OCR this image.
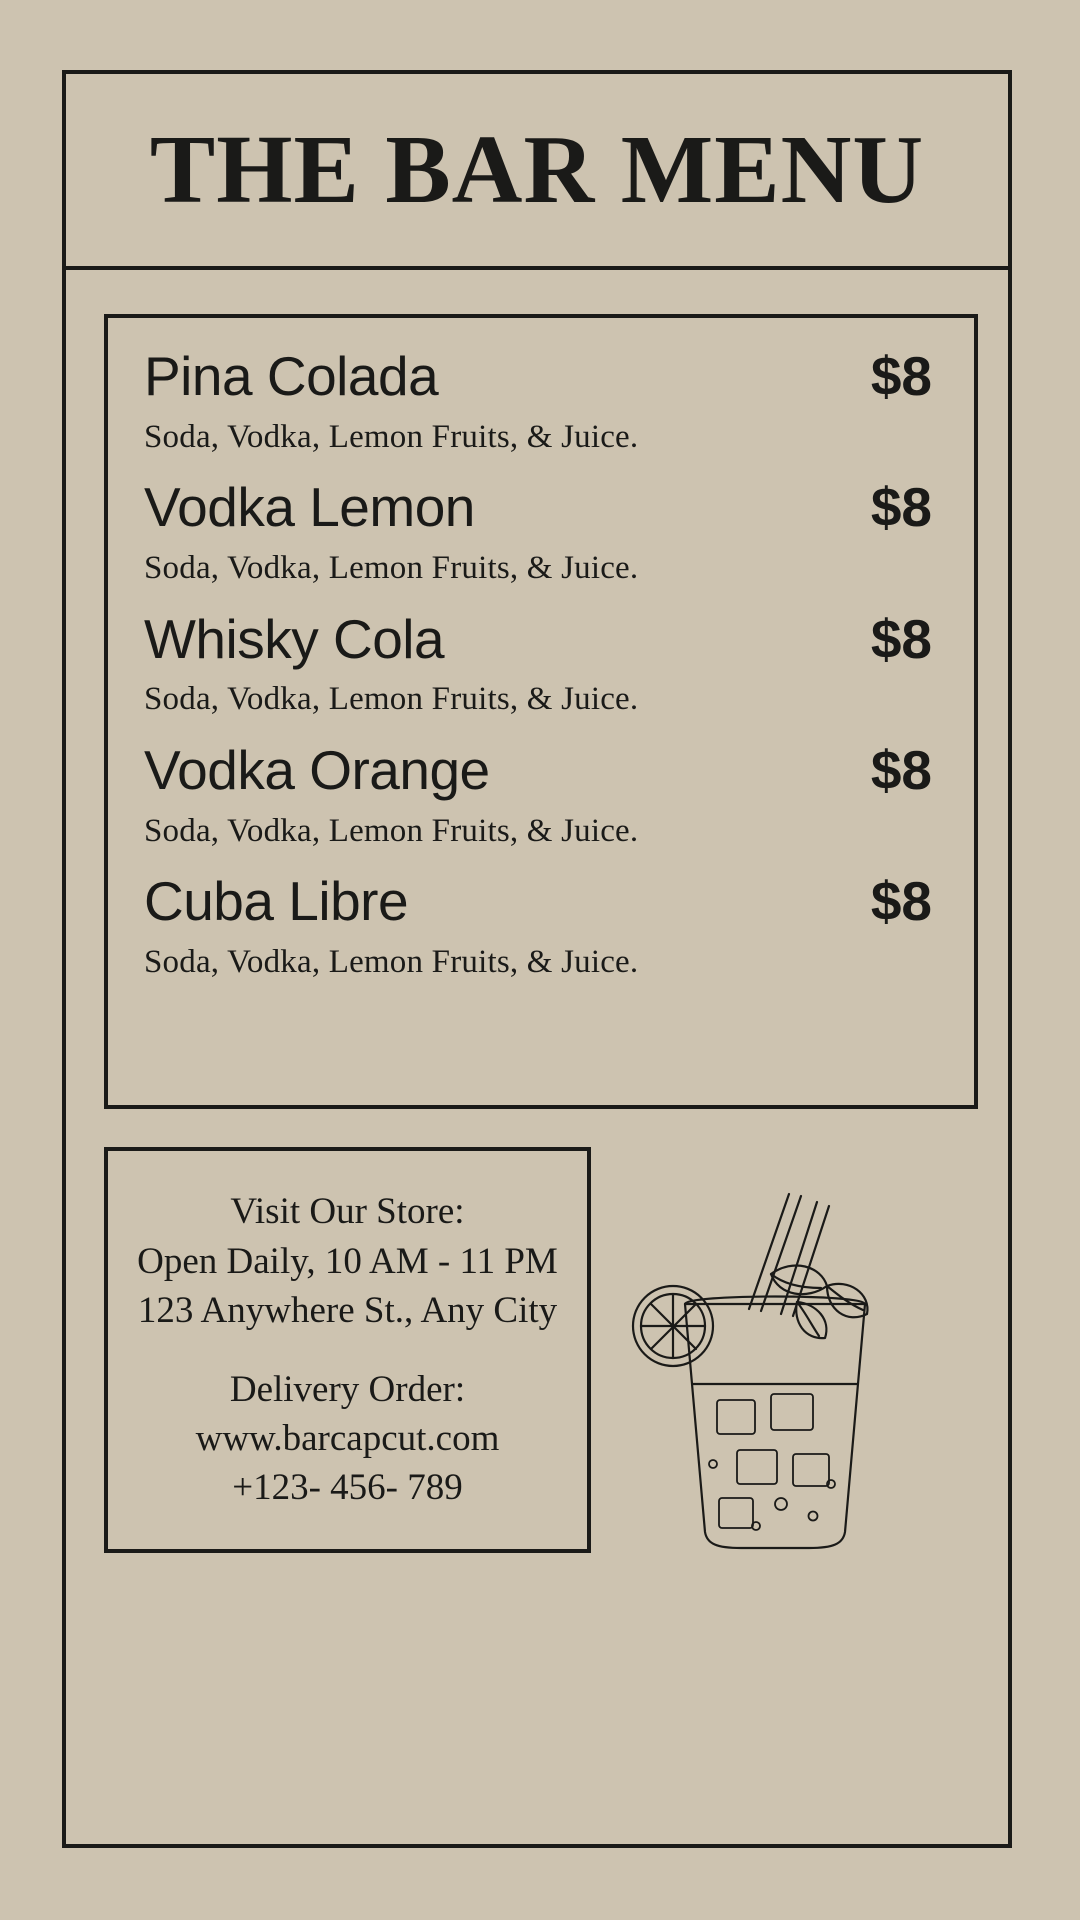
THE BAR MENU
Pina Colada	$8
Soda, Vodka, Lemon Fruits, & Juice.
Vodka Lemon	$8
Soda, Vodka, Lemon Fruits, & Juice.
Whisky Cola	$8
Soda, Vodka, Lemon Fruits, & Juice.
Vodka Orange	$8
Soda, Vodka, Lemon Fruits, & Juice.
Cuba Libre	$8
Soda, Vodka, Lemon Fruits, & Juice.
Visit Our Store:
Open Daily, 10 AM - 11 PM
123 Anywhere St., Any City
Delivery Order:
www.barcapcut.com
+123- 456- 789
